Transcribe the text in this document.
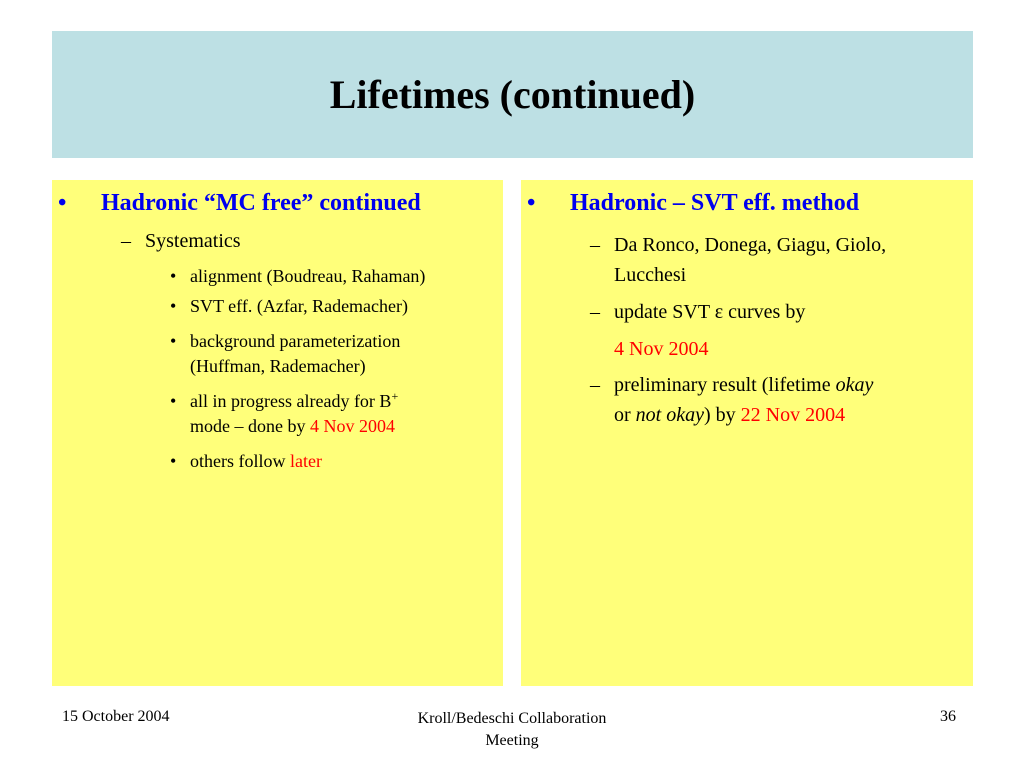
Lifetimes (continued)
• Hadronic “MC free” continued
– Systematics
• alignment (Boudreau, Rahaman)
• SVT eff. (Azfar, Rademacher)
• background parameterization
(Huffman, Rademacher)
• all in progress already for B+
mode – done by 4 Nov 2004
• others follow later
• Hadronic – SVT eff. method
– Da Ronco, Donega, Giagu, Giolo,
Lucchesi
– update SVT ε curves by
4 Nov 2004
– preliminary result (lifetime okay
or not okay) by 22 Nov 2004
15 October 2004	Kroll/Bedeschi Collaboration
Meeting
36
